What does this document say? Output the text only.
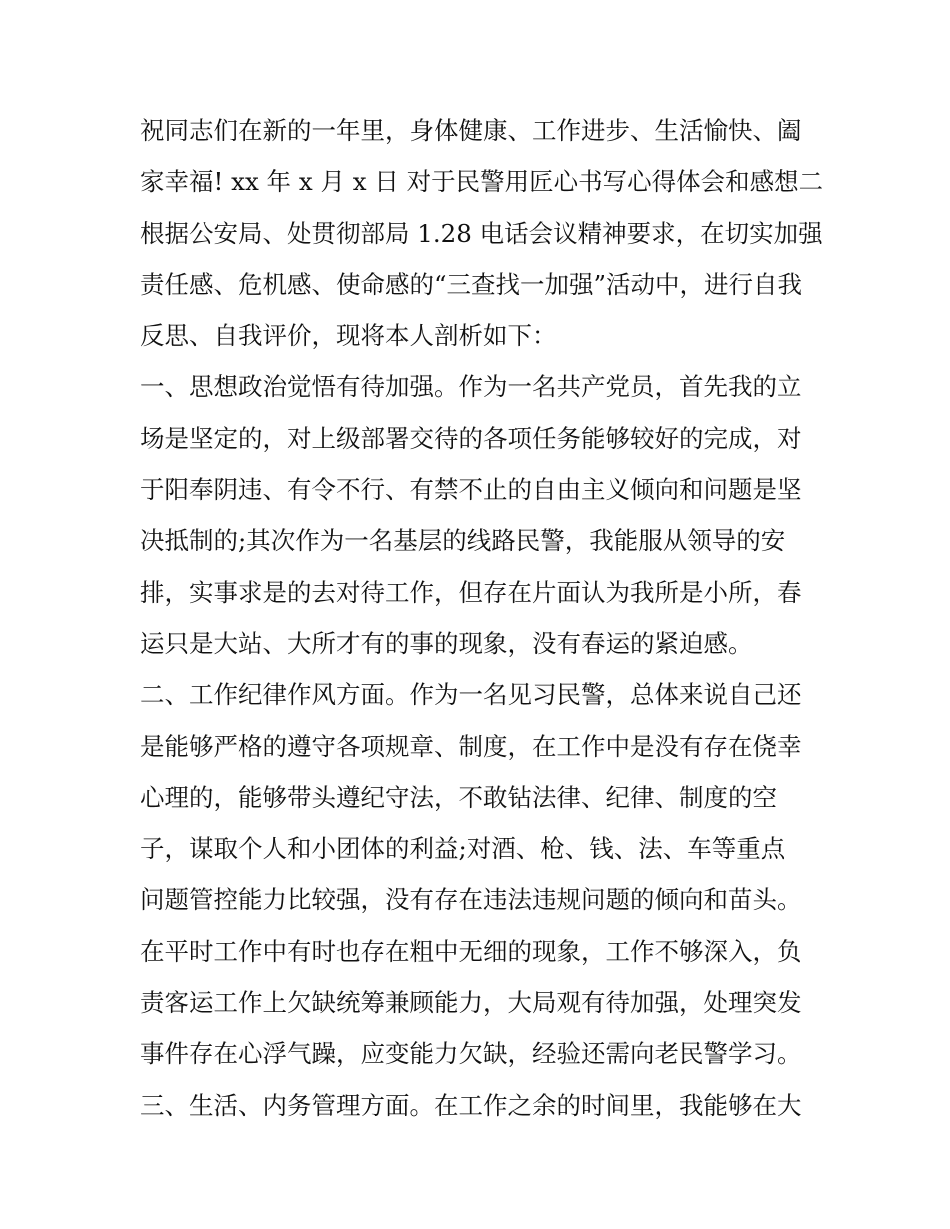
祝同志们在新的一年里，身体健康、工作进步、生活愉快、阖
家幸福! xx 年 x 月 x 日 对于民警用匠心书写心得体会和感想二
根据公安局、处贯彻部局 1.28 电话会议精神要求，在切实加强
责任感、危机感、使命感的“三查找一加强”活动中，进行自我
反思、自我评价，现将本人剖析如下：
一、思想政治觉悟有待加强。作为一名共产党员，首先我的立
场是坚定的，对上级部署交待的各项任务能够较好的完成，对
于阳奉阴违、有令不行、有禁不止的自由主义倾向和问题是坚
决抵制的;其次作为一名基层的线路民警，我能服从领导的安
排，实事求是的去对待工作，但存在片面认为我所是小所，春
运只是大站、大所才有的事的现象，没有春运的紧迫感。
二、工作纪律作风方面。作为一名见习民警，总体来说自己还
是能够严格的遵守各项规章、制度，在工作中是没有存在侥幸
心理的，能够带头遵纪守法，不敢钻法律、纪律、制度的空
子，谋取个人和小团体的利益;对酒、枪、钱、法、车等重点
问题管控能力比较强，没有存在违法违规问题的倾向和苗头。
在平时工作中有时也存在粗中无细的现象，工作不够深入，负
责客运工作上欠缺统筹兼顾能力，大局观有待加强，处理突发
事件存在心浮气躁，应变能力欠缺，经验还需向老民警学习。
三、生活、内务管理方面。在工作之余的时间里，我能够在大
